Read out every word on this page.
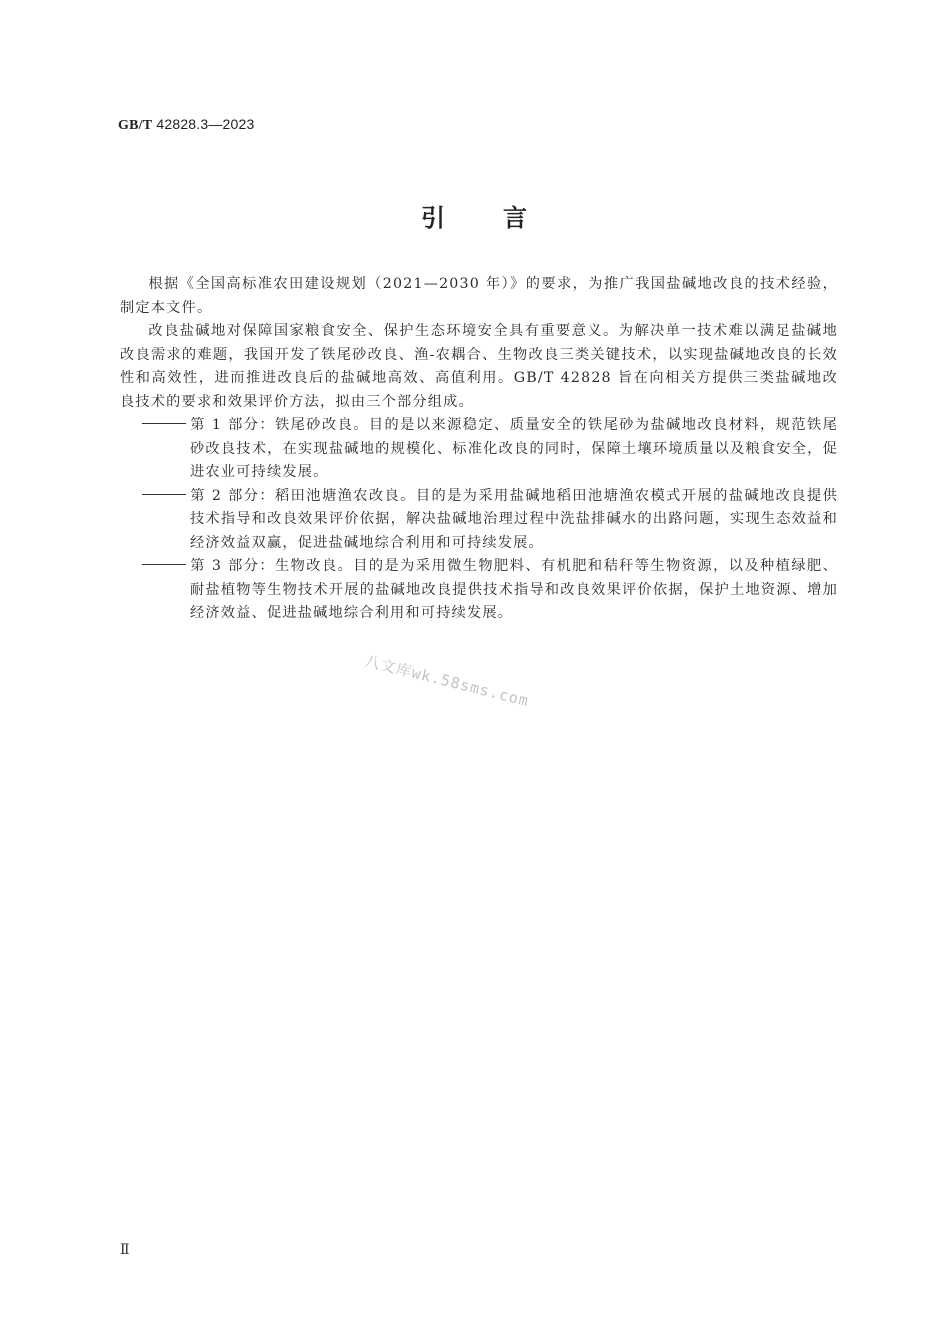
GB/T 42828.3—2023
引 言

根据《全国高标准农田建设规划（2021—2030 年）》的要求，为推广我国盐碱地改良的技术经验，制定本文件。

改良盐碱地对保障国家粮食安全、保护生态环境安全具有重要意义。为解决单一技术难以满足盐碱地改良需求的难题，我国开发了铁尾砂改良、渔-农耦合、生物改良三类关键技术，以实现盐碱地改良的长效性和高效性，进而推进改良后的盐碱地高效、高值利用。GB/T 42828 旨在向相关方提供三类盐碱地改良技术的要求和效果评价方法，拟由三个部分组成。

第 1 部分：铁尾砂改良。目的是以来源稳定、质量安全的铁尾砂为盐碱地改良材料，规范铁尾砂改良技术，在实现盐碱地的规模化、标准化改良的同时，保障土壤环境质量以及粮食安全，促进农业可持续发展。

第 2 部分：稻田池塘渔农改良。目的是为采用盐碱地稻田池塘渔农模式开展的盐碱地改良提供技术指导和改良效果评价依据，解决盐碱地治理过程中洗盐排碱水的出路问题，实现生态效益和经济效益双赢，促进盐碱地综合利用和可持续发展。

第 3 部分：生物改良。目的是为采用微生物肥料、有机肥和秸秆等生物资源，以及种植绿肥、耐盐植物等生物技术开展的盐碱地改良提供技术指导和改良效果评价依据，保护土地资源、增加经济效益、促进盐碱地综合利用和可持续发展。

八文库wk.58sms.com
Ⅱ
